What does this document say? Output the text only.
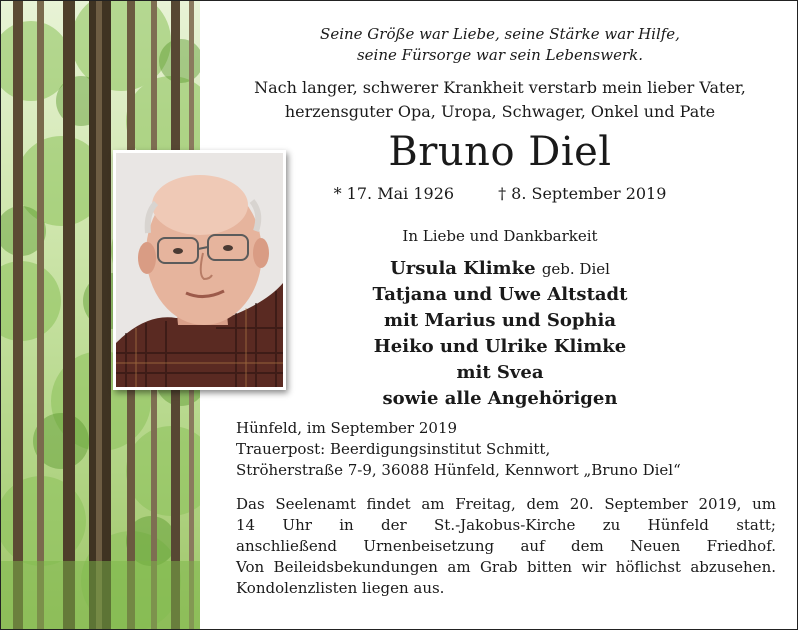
Seine Größe war Liebe, seine Stärke war Hilfe,
seine Fürsorge war sein Lebenswerk.
Nach langer, schwerer Krankheit verstarb mein lieber Vater,
herzensguter Opa, Uropa, Schwager, Onkel und Pate
Bruno Diel
* 17. Mai 1926	† 8. September 2019
In Liebe und Dankbarkeit
Ursula Klimke geb. Diel
Tatjana und Uwe Altstadt
mit Marius und Sophia
Heiko und Ulrike Klimke
mit Svea
sowie alle Angehörigen
Hünfeld, im September 2019
Trauerpost: Beerdigungsinstitut Schmitt,
Ströherstraße 7-9, 36088 Hünfeld, Kennwort „Bruno Diel“
Das Seelenamt findet am Freitag, dem 20. September 2019, um
14 Uhr in der St.-Jakobus-Kirche zu Hünfeld statt;
anschließend Urnenbeisetzung auf dem Neuen Friedhof.
Von Beileidsbekundungen am Grab bitten wir höflichst abzusehen.
Kondolenzlisten liegen aus.
